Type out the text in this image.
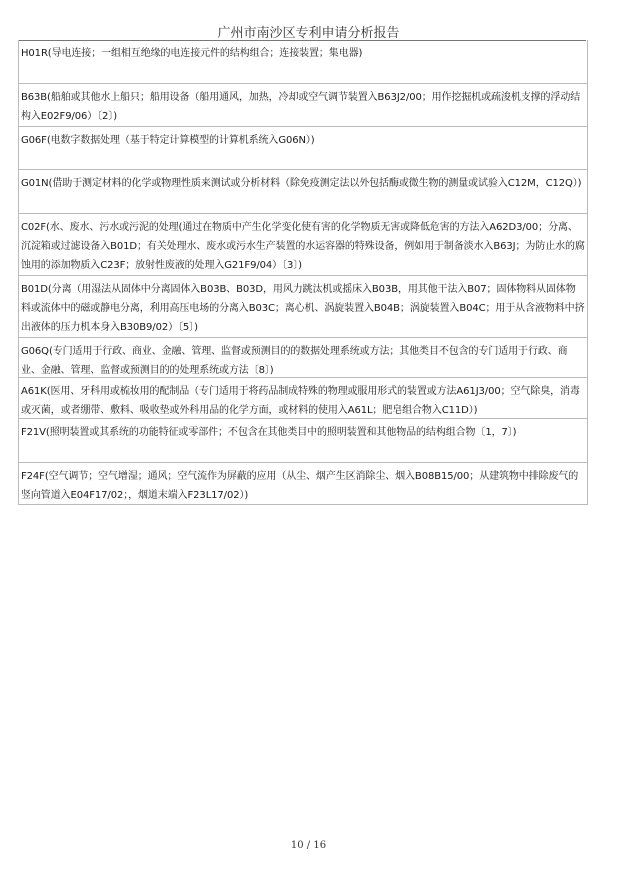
广州市南沙区专利申请分析报告
H01R(导电连接；一组相互绝缘的电连接元件的结构组合；连接装置；集电器)
B63B(船舶或其他水上船只；船用设备（船用通风，加热，冷却或空气调节装置入B63J2/00；用作挖掘机或疏浚机支撑的浮动结构入E02F9/06）〔2〕)
G06F(电数字数据处理（基于特定计算模型的计算机系统入G06N）)
G01N(借助于测定材料的化学或物理性质来测试或分析材料（除免疫测定法以外包括酶或微生物的测量或试验入C12M，C12Q）)
C02F(水、废水、污水或污泥的处理(通过在物质中产生化学变化使有害的化学物质无害或降低危害的方法入A62D3/00；分离、沉淀箱或过滤设备入B01D；有关处理水、废水或污水生产装置的水运容器的特殊设备，例如用于制备淡水入B63J；为防止水的腐蚀用的添加物质入C23F；放射性废液的处理入G21F9/04）〔3〕)
B01D(分离（用湿法从固体中分离固体入B03B、B03D，用风力跳汰机或摇床入B03B，用其他干法入B07；固体物料从固体物料或流体中的磁或静电分离，利用高压电场的分离入B03C；离心机、涡旋装置入B04B；涡旋装置入B04C；用于从含液物料中挤出液体的压力机本身入B30B9/02）〔5〕)
G06Q(专门适用于行政、商业、金融、管理、监督或预测目的的数据处理系统或方法；其他类目不包含的专门适用于行政、商业、金融、管理、监督或预测目的的处理系统或方法〔8〕)
A61K(医用、牙科用或梳妆用的配制品（专门适用于将药品制成特殊的物理或服用形式的装置或方法A61J3/00；空气除臭，消毒或灭菌，或者绷带、敷料、吸收垫或外科用品的化学方面，或材料的使用入A61L；肥皂组合物入C11D）)
F21V(照明装置或其系统的功能特征或零部件；不包含在其他类目中的照明装置和其他物品的结构组合物〔1，7〕)
F24F(空气调节；空气增湿；通风；空气流作为屏蔽的应用（从尘、烟产生区消除尘、烟入B08B15/00；从建筑物中排除废气的竖向管道入E04F17/02；，烟道末端入F23L17/02）)
10 / 16
